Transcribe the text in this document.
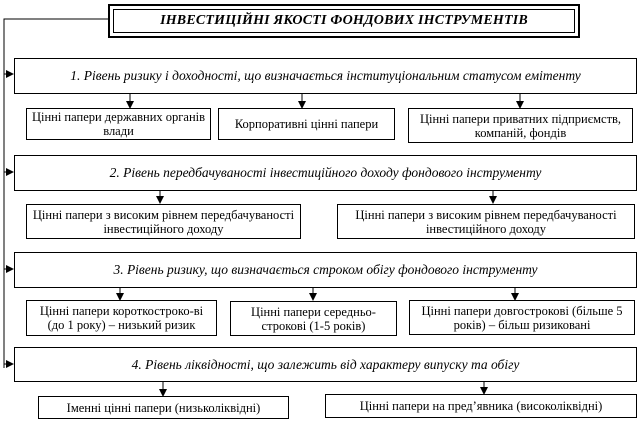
ІНВЕСТИЦІЙНІ ЯКОСТІ ФОНДОВИХ ІНСТРУМЕНТІВ
1. Рівень ризику і доходності, що визначається інституціональним статусом емітенту
Цінні папери державних органів влади	Корпоративні цінні папери	Цінні папери приватних підприємств, компаній, фондів
2. Рівень передбачуваності інвестиційного доходу фондового інструменту
Цінні папери з високим рівнем передбачуваності інвестиційного доходу
Цінні папери з високим рівнем передбачуваності інвестиційного доходу
3. Рівень ризику, що визначається строком обігу фондового інструменту
Цінні папери короткостроко-ві (до 1 року) – низький ризик
Цінні папери середньо-строкові (1-5 років)
Цінні папери довгострокові (більше 5 років) – більш ризиковані
4. Рівень ліквідності, що залежить від характеру випуску та обігу
Іменні цінні папери (низьколіквідні)	Цінні папери на пред’явника (високоліквідні)
